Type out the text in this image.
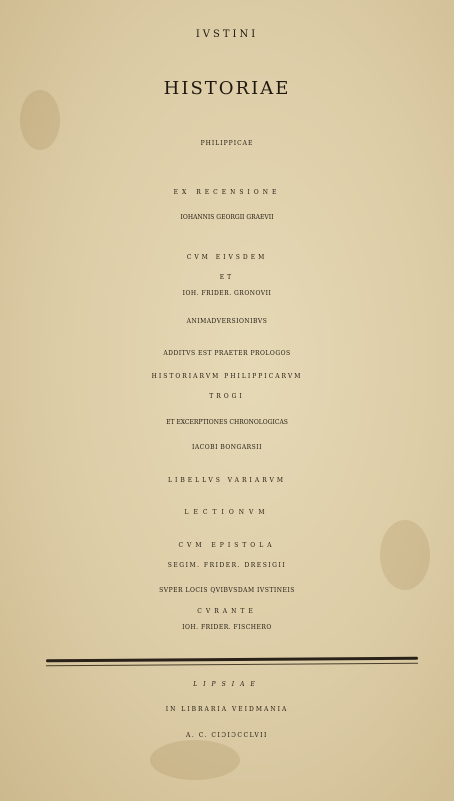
IVSTINI
HISTORIAE
PHILIPPICAE
EX RECENSIONE
IOHANNIS GEORGII GRAEVII
CVM EIVSDEM
ET
IOH. FRIDER. GRONOVII
ANIMADVERSIONIBVS
ADDITVS EST PRAETER PROLOGOS
HISTORIARVM PHILIPPICARVM
TROGI
ET EXCERPTIONES CHRONOLOGICAS
IACOBI BONGARSII
LIBELLVS VARIARVM
LECTIONVM
CVM EPISTOLA
SEGIM. FRIDER. DRESIGII
SVPER LOCIS QVIBVSDAM IVSTINEIS
CVRANTE
IOH. FRIDER. FISCHERO
LIPSIAE
IN LIBRARIA VEIDMANIA
A. C. CIƆIƆCCLVII
